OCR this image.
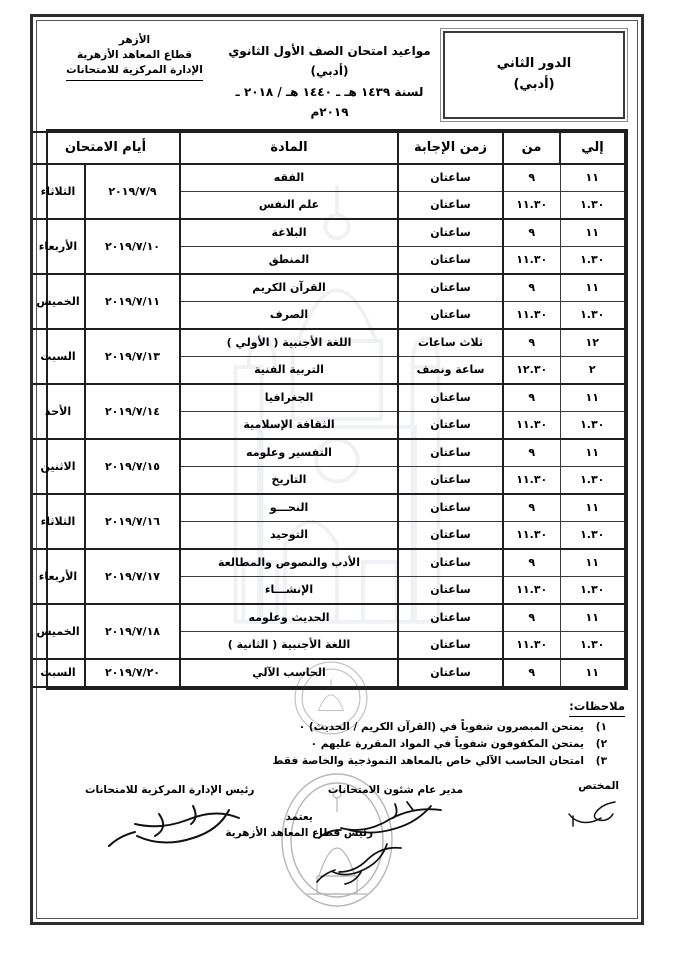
الدور الثاني
(أدبي)
مواعيد امتحان الصف الأول الثانوي (أدبي)
لسنة ١٤٣٩ هـ ـ ١٤٤٠ هـ / ٢٠١٨ ـ ٢٠١٩م
الأزهر
قطاع المعاهد الأزهرية
الإدارة المركزية للامتحانات
إلي	من	زمن الإجابة	المادة	أيام الامتحان	
١١	٩	ساعتان	الفقه	٢٠١٩/٧/٩	الثلاثاء
١.٣٠	١١.٣٠	ساعتان	علم النفس		
١١	٩	ساعتان	البلاغة	٢٠١٩/٧/١٠	الأربعاء
١.٣٠	١١.٣٠	ساعتان	المنطق		
١١	٩	ساعتان	القرآن الكريم	٢٠١٩/٧/١١	الخميس
١.٣٠	١١.٣٠	ساعتان	الصرف		
١٢	٩	ثلاث ساعات	اللغة الأجنبية ( الأولي )	٢٠١٩/٧/١٣	السبت
٢	١٢.٣٠	ساعة ونصف	التربية الفنية		
١١	٩	ساعتان	الجغرافيا	٢٠١٩/٧/١٤	الأحد
١.٣٠	١١.٣٠	ساعتان	الثقافة الإسلامية		
١١	٩	ساعتان	التفسير وعلومه	٢٠١٩/٧/١٥	الاثنين
١.٣٠	١١.٣٠	ساعتان	التاريخ		
١١	٩	ساعتان	النحـــو	٢٠١٩/٧/١٦	الثلاثاء
١.٣٠	١١.٣٠	ساعتان	التوحيد		
١١	٩	ساعتان	الأدب والنصوص والمطالعة	٢٠١٩/٧/١٧	الأربعاء
١.٣٠	١١.٣٠	ساعتان	الإنشـــاء		
١١	٩	ساعتان	الحديث وعلومه	٢٠١٩/٧/١٨	الخميس
١.٣٠	١١.٣٠	ساعتان	اللغة الأجنبية ( الثانية )		
١١	٩	ساعتان	الحاسب الآلي	٢٠١٩/٧/٢٠	السبت
ملاحظات:
١)
يمتحن المبصرون شفوياً في (القرآن الكريم / الحديث) ٠
٢)
يمتحن المكفوفون شفوياً في المواد المقررة عليهم ٠
٣)
امتحان الحاسب الآلي خاص بالمعاهد النموذجية والخاصة فقط
المختص
مدير عام شئون الامتحانات
رئيس الإدارة المركزية للامتحانات
يعتمد
رئيس قطاع المعاهد الأزهرية
